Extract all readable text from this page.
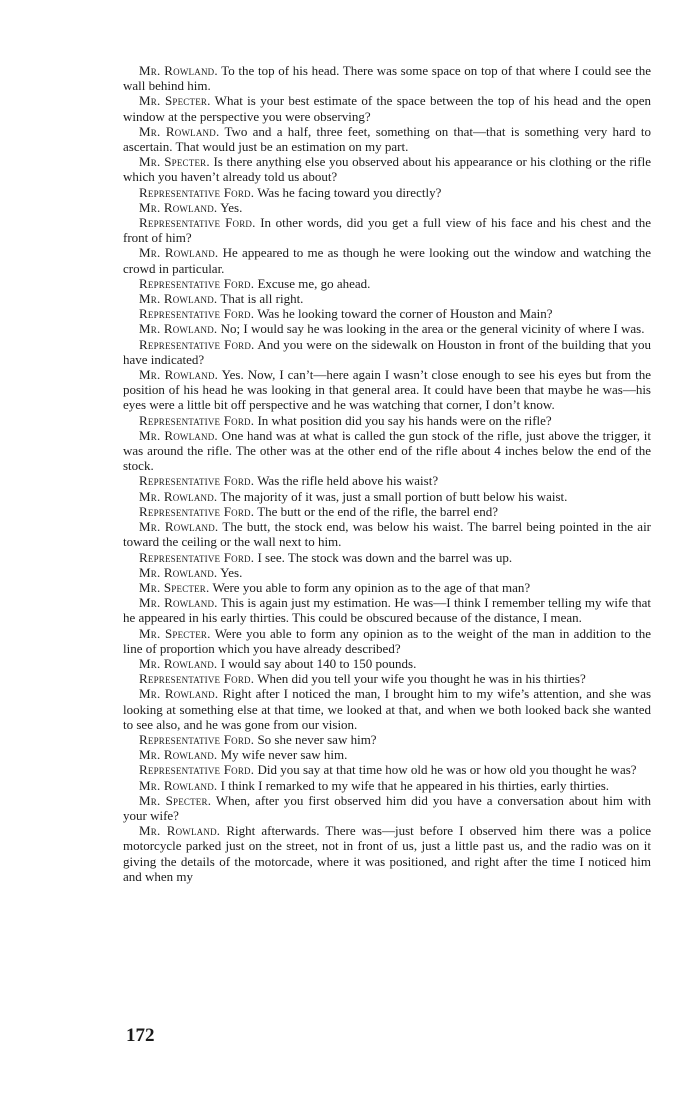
Mr. Rowland. To the top of his head. There was some space on top of that where I could see the wall behind him.

Mr. Specter. What is your best estimate of the space between the top of his head and the open window at the perspective you were observing?

Mr. Rowland. Two and a half, three feet, something on that—that is something very hard to ascertain. That would just be an estimation on my part.

Mr. Specter. Is there anything else you observed about his appearance or his clothing or the rifle which you haven’t already told us about?

Representative Ford. Was he facing toward you directly?

Mr. Rowland. Yes.

Representative Ford. In other words, did you get a full view of his face and his chest and the front of him?

Mr. Rowland. He appeared to me as though he were looking out the window and watching the crowd in particular.

Representative Ford. Excuse me, go ahead.

Mr. Rowland. That is all right.

Representative Ford. Was he looking toward the corner of Houston and Main?

Mr. Rowland. No; I would say he was looking in the area or the general vicinity of where I was.

Representative Ford. And you were on the sidewalk on Houston in front of the building that you have indicated?

Mr. Rowland. Yes. Now, I can’t—here again I wasn’t close enough to see his eyes but from the position of his head he was looking in that general area. It could have been that maybe he was—his eyes were a little bit off perspective and he was watching that corner, I don’t know.

Representative Ford. In what position did you say his hands were on the rifle?

Mr. Rowland. One hand was at what is called the gun stock of the rifle, just above the trigger, it was around the rifle. The other was at the other end of the rifle about 4 inches below the end of the stock.

Representative Ford. Was the rifle held above his waist?

Mr. Rowland. The majority of it was, just a small portion of butt below his waist.

Representative Ford. The butt or the end of the rifle, the barrel end?

Mr. Rowland. The butt, the stock end, was below his waist. The barrel being pointed in the air toward the ceiling or the wall next to him.

Representative Ford. I see. The stock was down and the barrel was up.

Mr. Rowland. Yes.

Mr. Specter. Were you able to form any opinion as to the age of that man?

Mr. Rowland. This is again just my estimation. He was—I think I remember telling my wife that he appeared in his early thirties. This could be obscured because of the distance, I mean.

Mr. Specter. Were you able to form any opinion as to the weight of the man in addition to the line of proportion which you have already described?

Mr. Rowland. I would say about 140 to 150 pounds.

Representative Ford. When did you tell your wife you thought he was in his thirties?

Mr. Rowland. Right after I noticed the man, I brought him to my wife’s attention, and she was looking at something else at that time, we looked at that, and when we both looked back she wanted to see also, and he was gone from our vision.

Representative Ford. So she never saw him?

Mr. Rowland. My wife never saw him.

Representative Ford. Did you say at that time how old he was or how old you thought he was?

Mr. Rowland. I think I remarked to my wife that he appeared in his thirties, early thirties.

Mr. Specter. When, after you first observed him did you have a conversation about him with your wife?

Mr. Rowland. Right afterwards. There was—just before I observed him there was a police motorcycle parked just on the street, not in front of us, just a little past us, and the radio was on it giving the details of the motorcade, where it was positioned, and right after the time I noticed him and when my

172
